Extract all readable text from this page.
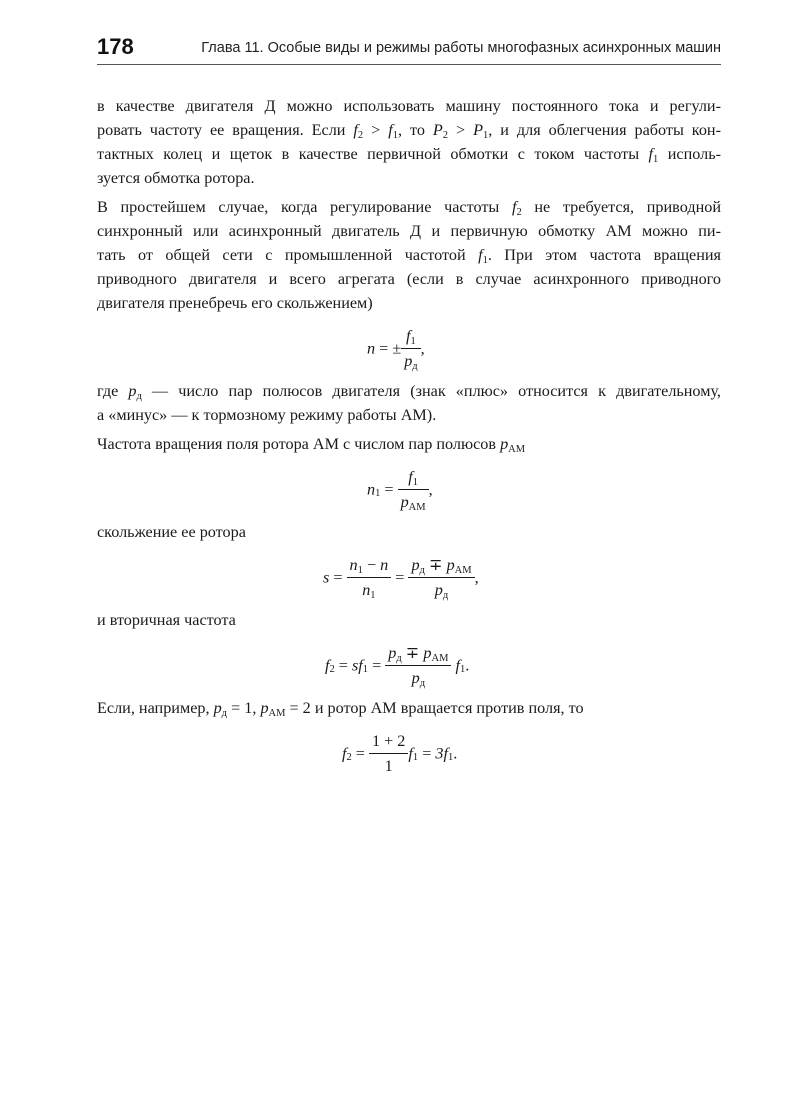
178	Глава 11. Особые виды и режимы работы многофазных асинхронных машин
в качестве двигателя Д можно использовать машину постоянного тока и регули-
ровать частоту ее вращения. Если $f_2 > f_1$, то $P_2 > P_1$, и для облегчения работы кон-
тактных колец и щеток в качестве первичной обмотки с током частоты $f_1$ исполь-
зуется обмотка ротора.
В простейшем случае, когда регулирование частоты $f_2$ не требуется, приводной
синхронный или асинхронный двигатель Д и первичную обмотку АМ можно пи-
тать от общей сети с промышленной частотой $f_1$. При этом частота вращения
приводного двигателя и всего агрегата (если в случае асинхронного приводного
двигателя пренебречь его скольжением)
n = ± $\frac{f_1}{p_д}$ ,
где $p_д$ — число пар полюсов двигателя (знак «плюс» относится к двигательному,
а «минус» — к тормозному режиму работы АМ).
Частота вращения поля ротора АМ с числом пар полюсов $p_{АМ}$
$n_1 = \frac{f_1}{p_{АМ}}$ ,
скольжение ее ротора
$s = \frac{n_1 - n}{n_1} = \frac{p_д \mp p_{АМ}}{p_д}$ ,
и вторичная частота
$f_2 = sf_1 = \frac{p_д \mp p_{АМ}}{p_д} f_1$.
Если, например, $p_д = 1$, $p_{АМ} = 2$ и ротор АМ вращается против поля, то
$f_2 = \frac{1 + 2}{1} f_1 = 3f_1$.
